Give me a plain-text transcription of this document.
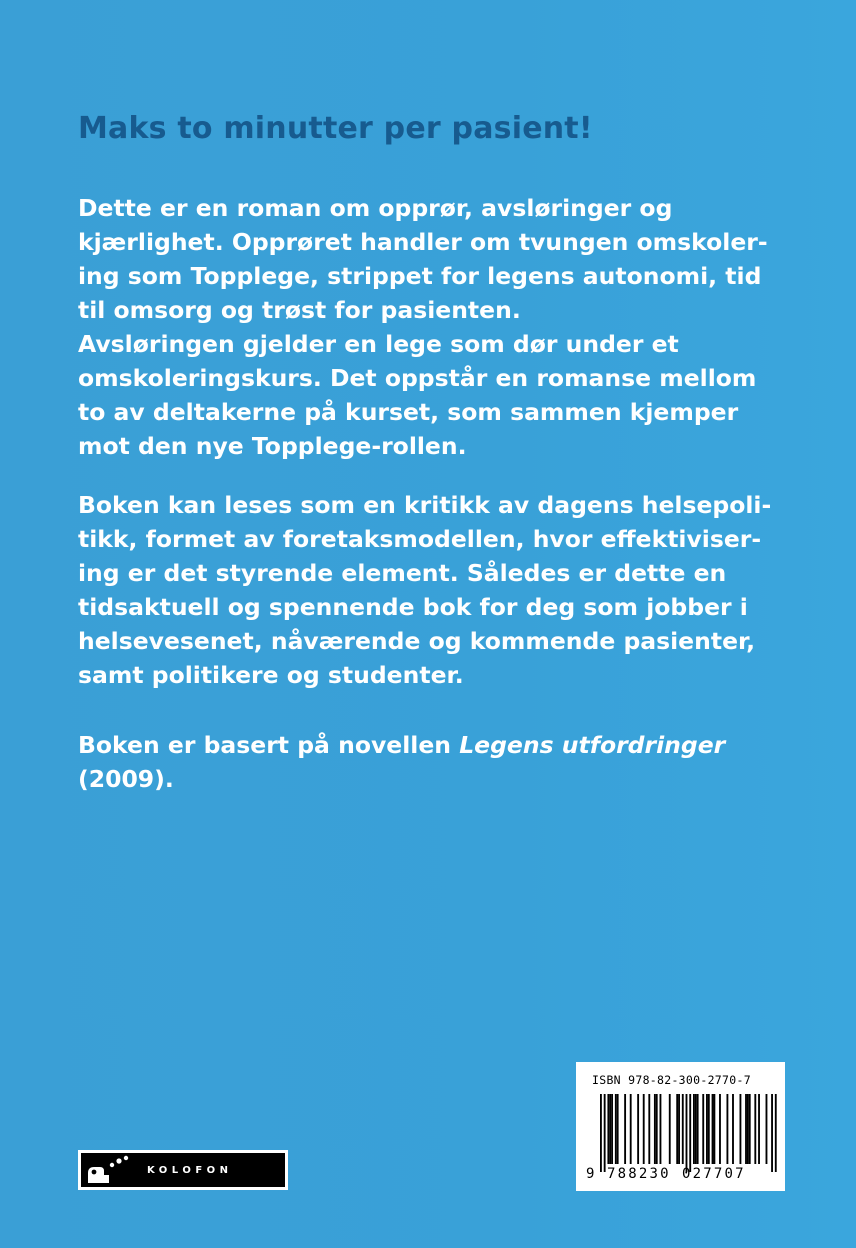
Maks to minutter per pasient!

Dette er en roman om opprør, avsløringer og
kjærlighet. Opprøret handler om tvungen omskoler-
ing som Topplege, strippet for legens autonomi, tid
til omsorg og trøst for pasienten.
Avsløringen gjelder en lege som dør under et
omskoleringskurs. Det oppstår en romanse mellom
to av deltakerne på kurset, som sammen kjemper
mot den nye Topplege-rollen.

Boken kan leses som en kritikk av dagens helsepoli-
tikk, formet av foretaksmodellen, hvor effektiviser-
ing er det styrende element. Således er dette en
tidsaktuell og spennende bok for deg som jobber i
helsevesenet, nåværende og kommende pasienter,
samt politikere og studenter.

Boken er basert på novellen Legens utfordringer
(2009).

KOLOFON

ISBN 978-82-300-2770-7

9 788230 027707
